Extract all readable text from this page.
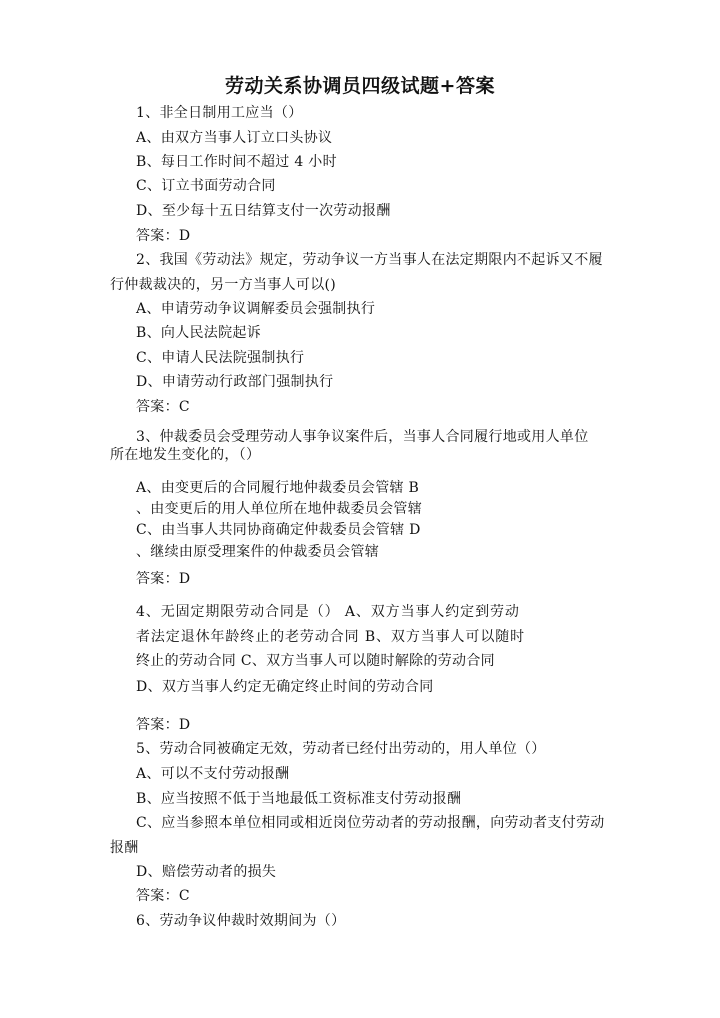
劳动关系协调员四级试题+答案
1、非全日制用工应当（）
A、由双方当事人订立口头协议
B、每日工作时间不超过 4 小时
C、订立书面劳动合同
D、至少每十五日结算支付一次劳动报酬
答案：D
2、我国《劳动法》规定，劳动争议一方当事人在法定期限内不起诉又不履
行仲裁裁决的，另一方当事人可以()
A、申请劳动争议调解委员会强制执行
B、向人民法院起诉
C、申请人民法院强制执行
D、申请劳动行政部门强制执行
答案：C
3、仲裁委员会受理劳动人事争议案件后，当事人合同履行地或用人单位
所在地发生变化的，（）
A、由变更后的合同履行地仲裁委员会管辖 B
、由变更后的用人单位所在地仲裁委员会管辖
C、由当事人共同协商确定仲裁委员会管辖 D
、继续由原受理案件的仲裁委员会管辖
答案：D
4、无固定期限劳动合同是（） A、双方当事人约定到劳动
者法定退休年龄终止的老劳动合同 B、双方当事人可以随时
终止的劳动合同 C、双方当事人可以随时解除的劳动合同
D、双方当事人约定无确定终止时间的劳动合同
答案：D
5、劳动合同被确定无效，劳动者已经付出劳动的，用人单位（）
A、可以不支付劳动报酬
B、应当按照不低于当地最低工资标准支付劳动报酬
C、应当参照本单位相同或相近岗位劳动者的劳动报酬，向劳动者支付劳动
报酬
D、赔偿劳动者的损失
答案：C
6、劳动争议仲裁时效期间为（）
